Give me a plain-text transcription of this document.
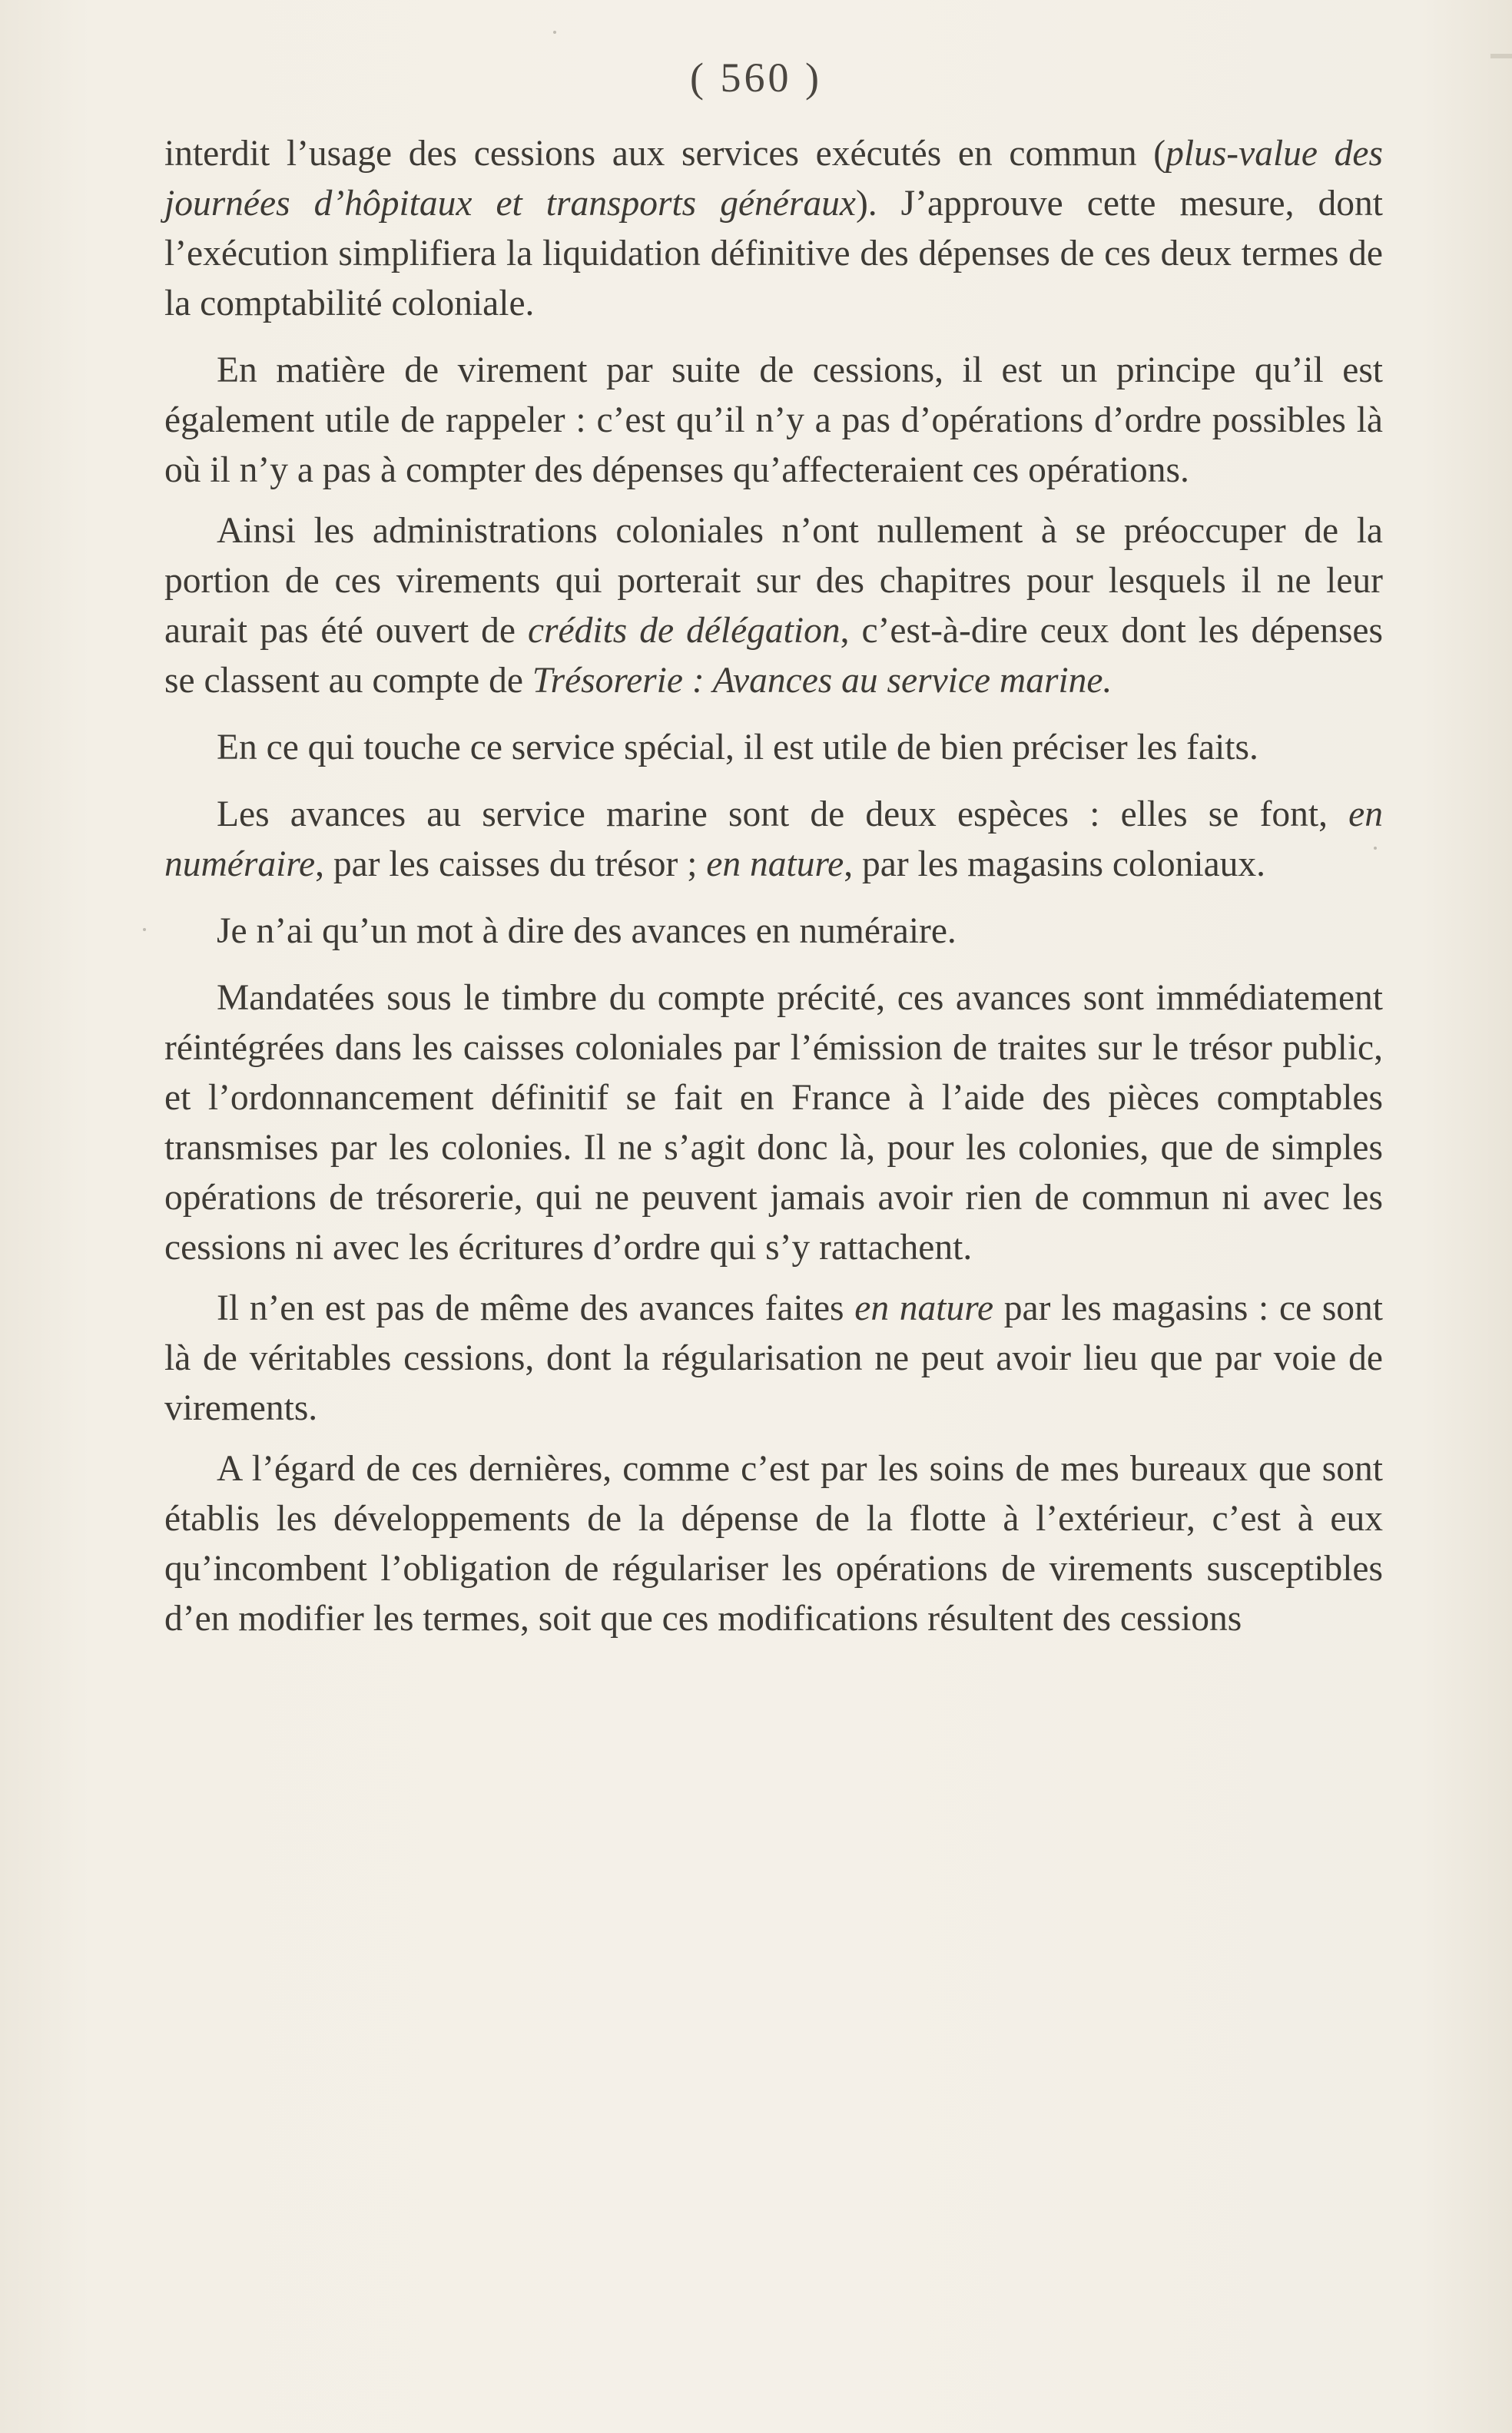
( 560 )

interdit l’usage des cessions aux services exécutés en commun (plus-value des journées d’hôpitaux et transports généraux). J’approuve cette mesure, dont l’exécution simplifiera la liquidation définitive des dépenses de ces deux termes de la comptabilité coloniale.

En matière de virement par suite de cessions, il est un principe qu’il est également utile de rappeler : c’est qu’il n’y a pas d’opérations d’ordre possibles là où il n’y a pas à compter des dépenses qu’affecteraient ces opérations.

Ainsi les administrations coloniales n’ont nullement à se préoccuper de la portion de ces virements qui porterait sur des chapitres pour lesquels il ne leur aurait pas été ouvert de crédits de délégation, c’est-à-dire ceux dont les dépenses se classent au compte de Trésorerie : Avances au service marine.

En ce qui touche ce service spécial, il est utile de bien préciser les faits.

Les avances au service marine sont de deux espèces : elles se font, en numéraire, par les caisses du trésor ; en nature, par les magasins coloniaux.

Je n’ai qu’un mot à dire des avances en numéraire.

Mandatées sous le timbre du compte précité, ces avances sont immédiatement réintégrées dans les caisses coloniales par l’émission de traites sur le trésor public, et l’ordonnancement définitif se fait en France à l’aide des pièces comptables transmises par les colonies. Il ne s’agit donc là, pour les colonies, que de simples opérations de trésorerie, qui ne peuvent jamais avoir rien de commun ni avec les cessions ni avec les écritures d’ordre qui s’y rattachent.

Il n’en est pas de même des avances faites en nature par les magasins : ce sont là de véritables cessions, dont la régularisation ne peut avoir lieu que par voie de virements.

A l’égard de ces dernières, comme c’est par les soins de mes bureaux que sont établis les développements de la dépense de la flotte à l’extérieur, c’est à eux qu’incombent l’obligation de régulariser les opérations de virements susceptibles d’en modifier les termes, soit que ces modifications résultent des cessions
